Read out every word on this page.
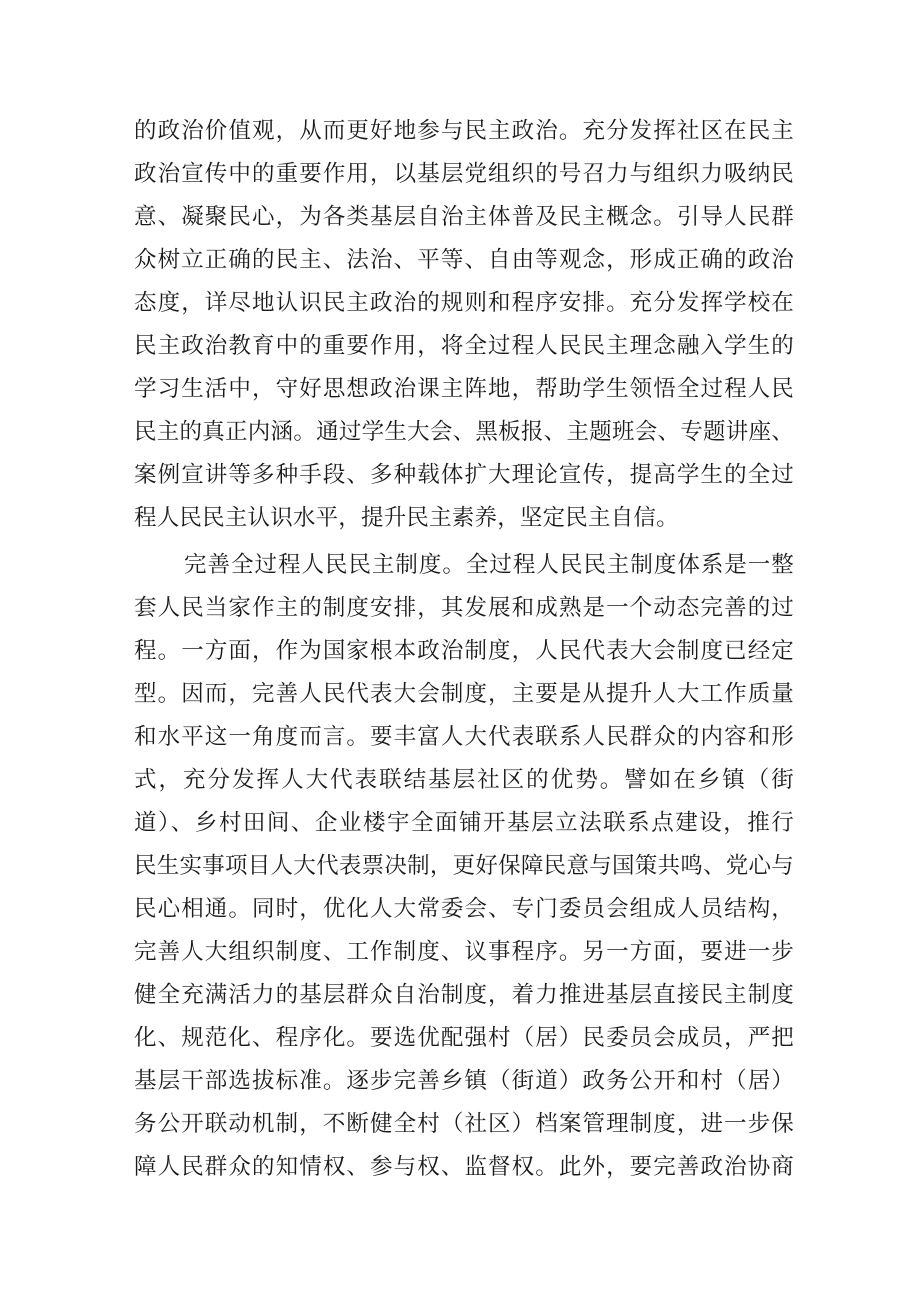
的政治价值观，从而更好地参与民主政治。充分发挥社区在民主
政治宣传中的重要作用，以基层党组织的号召力与组织力吸纳民
意、凝聚民心，为各类基层自治主体普及民主概念。引导人民群
众树立正确的民主、法治、平等、自由等观念，形成正确的政治
态度，详尽地认识民主政治的规则和程序安排。充分发挥学校在
民主政治教育中的重要作用，将全过程人民民主理念融入学生的
学习生活中，守好思想政治课主阵地，帮助学生领悟全过程人民
民主的真正内涵。通过学生大会、黑板报、主题班会、专题讲座、
案例宣讲等多种手段、多种载体扩大理论宣传，提高学生的全过
程人民民主认识水平，提升民主素养，坚定民主自信。
完善全过程人民民主制度。全过程人民民主制度体系是一整
套人民当家作主的制度安排，其发展和成熟是一个动态完善的过
程。一方面，作为国家根本政治制度，人民代表大会制度已经定
型。因而，完善人民代表大会制度，主要是从提升人大工作质量
和水平这一角度而言。要丰富人大代表联系人民群众的内容和形
式，充分发挥人大代表联结基层社区的优势。譬如在乡镇（街
道）、乡村田间、企业楼宇全面铺开基层立法联系点建设，推行
民生实事项目人大代表票决制，更好保障民意与国策共鸣、党心与
民心相通。同时，优化人大常委会、专门委员会组成人员结构，
完善人大组织制度、工作制度、议事程序。另一方面，要进一步
健全充满活力的基层群众自治制度，着力推进基层直接民主制度
化、规范化、程序化。要选优配强村（居）民委员会成员，严把
基层干部选拔标准。逐步完善乡镇（街道）政务公开和村（居）
务公开联动机制，不断健全村（社区）档案管理制度，进一步保
障人民群众的知情权、参与权、监督权。此外，要完善政治协商
